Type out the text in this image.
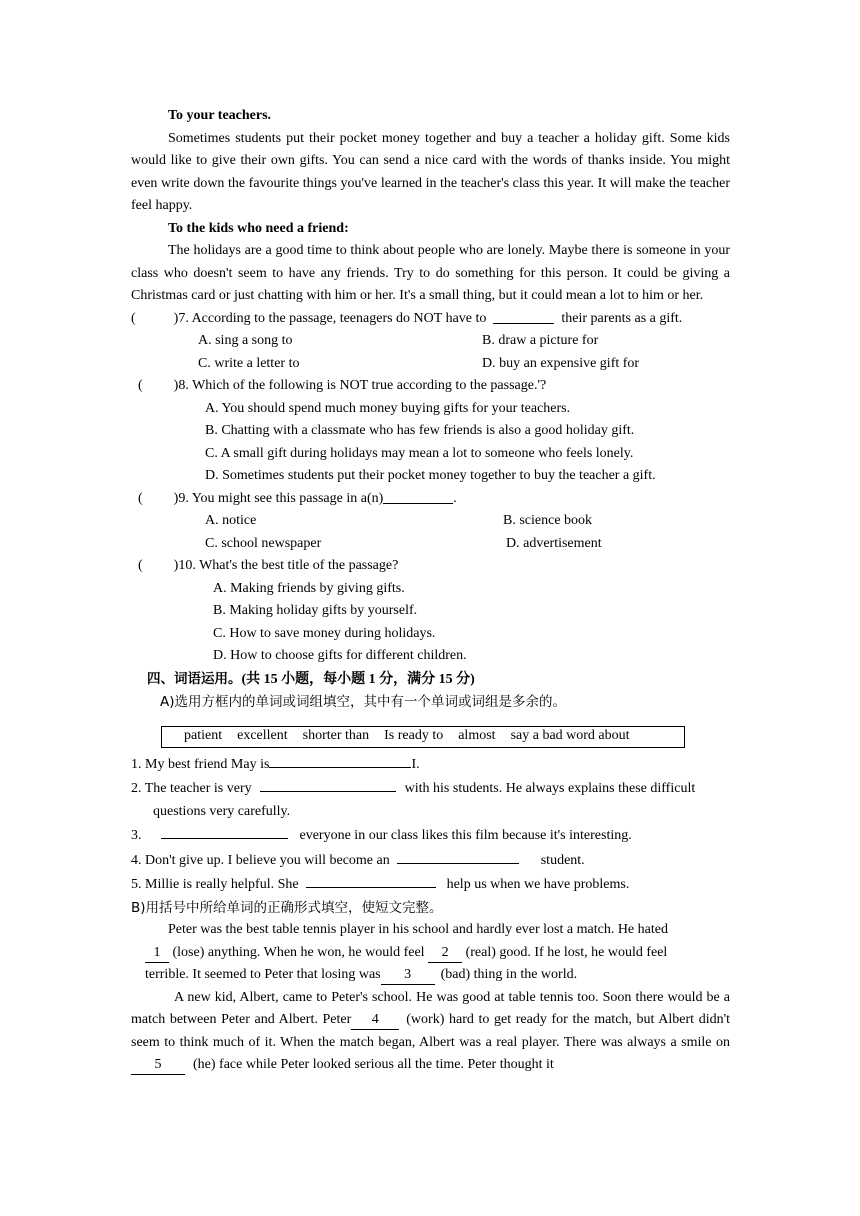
To your teachers.

Sometimes students put their pocket money together and buy a teacher a holiday gift. Some kids would like to give their own gifts. You can send a nice card with the words of thanks inside. You might even write down the favourite things you've learned in the teacher's class this year. It will make the teacher feel happy.

To the kids who need a friend:

The holidays are a good time to think about people who are lonely. Maybe there is someone in your class who doesn't seem to have any friends. Try to do something for this person. It could be giving a Christmas card or just chatting with him or her. It's a small thing, but it could mean a lot to him or her.

(	) 7. According to the passage, teenagers do NOT have to	their parents as a gift.
A. sing a song to	B. draw a picture for
C. write a letter to	D. buy an expensive gift for
( ) 8. Which of the following is NOT true according to the passage.'?
A. You should spend much money buying gifts for your teachers.
B. Chatting with a classmate who has few friends is also a good holiday gift.
C. A small gift during holidays may mean a lot to someone who feels lonely.
D. Sometimes students put their pocket money together to buy the teacher a gift.
( ) 9. You might see this passage in a(n)	.
A. notice	B. science book
C. school newspaper	D. advertisement
( ) 10. What's the best title of the passage?
A. Making friends by giving gifts.
B. Making holiday gifts by yourself.
C. How to save money during holidays.
D. How to choose gifts for different children.

四、词语运用。(共 15 小题，每小题 1 分，满分 15 分)

A)选用方框内的单词或词组填空，其中有一个单词或词组是多余的。

patient excellent shorter than Is ready to almost say a bad word about

1. My best friend May is	I.

2. The teacher is very	with his students. He always explains these difficult

questions very carefully.

3.	everyone in our class likes this film because it's interesting.

4. Don't give up. I believe you will become an	student.

5. Millie is really helpful. She	help us when we have problems.

B)用括号中所给单词的正确形式填空，使短文完整。

Peter was the best table tennis player in his school and hardly ever lost a match. He hated

1 (lose) anything. When he won, he would feel 2 (real) good. If he lost, he would feel

terrible. It seemed to Peter that losing was 3 (bad) thing in the world.

A new kid, Albert, came to Peter's school. He was good at table tennis too. Soon there would be a match between Peter and Albert. Peter 4 (work) hard to get ready for the match, but Albert didn't seem to think much of it. When the match began, Albert was a real player. There was always a smile on5 (he) face while Peter looked serious all the time. Peter thought it
